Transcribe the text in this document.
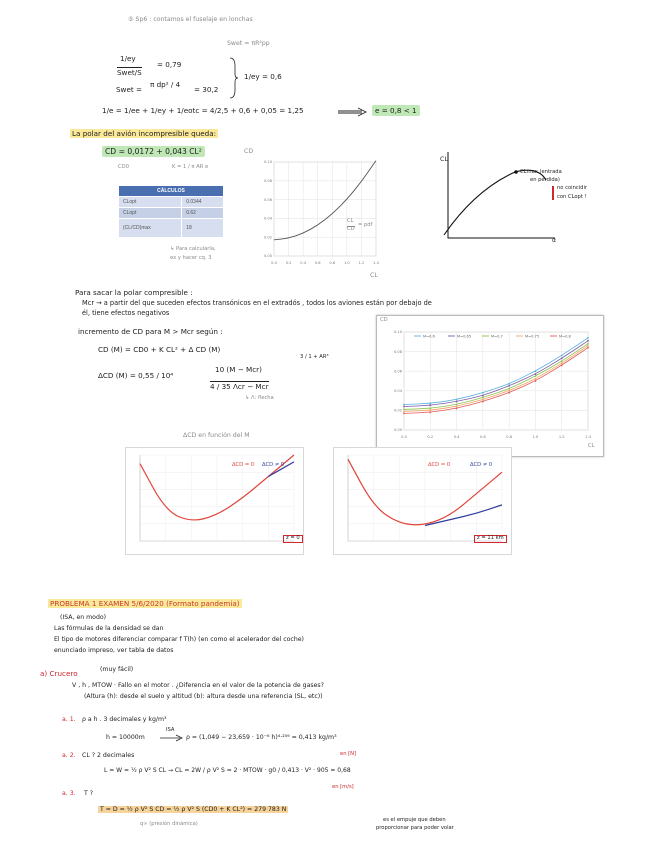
⑤ Sp6 : contamos el fuselaje en lonchas
Swet = πR²pp
1/ey
Swet/S
= 0,79
Swet =
π dp² / 4
= 30,2
1/ey = 0,6
1/e = 1/ee + 1/ey + 1/eotc = 4/2,5 + 0,6 + 0,05 = 1,25	e = 0,8 < 1
La polar del avión incompresible queda:
CD = 0,0172 + 0,043 CL²
CD0	K = 1 / π AR e
CÁLCULOS	
CLopt	0.0344
CLopt	0.62
(CL/CD)max	18
↳ Para calcularla,
ex y hacer cq. 3
CD
CL
0.0 0.2 0.4 0.6 0.8 1.0 1.2 1.4
0.00
0.02
0.04
0.06
0.08
0.10
CL
CD
= pdf
CL
α
CLmax (entrada
en pérdida)
no coincidir
con CLopt !
Para sacar la polar compresible :
Mcr → a partir del que suceden efectos transónicos en el extradós , todos los aviones están por debajo de
él, tiene efectos negativos
incremento de CD para M > Mcr según :
CD (M) = CD0 + K CL² + Δ CD (M)
ΔCD (M) = 0,55 / 10⁴
10 (M − Mcr)
4 / 35 Λcr − Mcr
3 / 1 + AR³
↳ Λ: flecha
CD
CL
0.0	0.2	0.4	0.6	0.8	1.0	1.2	1.4
0.00
0.02
0.04
0.06
0.08
0.10
M=0.6	M=0.65	M=0.7	M=0.75	M=0.8
ΔCD en función del M
ΔCD = 0 ΔCD ≠ 0
z = 0
ΔCD = 0	ΔCD ≠ 0
z = 11 km
PROBLEMA 1 EXAMEN 5/6/2020 (Formato pandemia)
(ISA, en modo)
Las fórmulas de la densidad se dan
El tipo de motores diferenciar comparar f T(h) (en como el acelerador del coche)
enunciado impreso, ver tabla de datos
a) Crucero	(muy fácil)
V , h , MTOW · Fallo en el motor . ¿Diferencia en el valor de la potencia de gases?
(Altura (h): desde el suelo y altitud (b): altura desde una referencia (SL, etc))
a. 1. ρ a h . 3 decimales y kg/m³
h = 10000m
ISA
ρ = (1,049 − 23,659 · 10⁻⁶ h)⁴·²⁵⁹ = 0,413 kg/m³
a. 2. CL ? 2 decimales	en [N]
L = W = ½ ρ V² S CL → CL = 2W / ρ V² S = 2 · MTOW · g0 / 0,413 · V² · 905 = 0,68
en [m/s]
a. 3. T ?
T = D = ½ ρ V² S CD = ½ ρ V² S (CD0 + K CL²) = 279 783 N
q∞ (presión dinámica)
es el empuje que deben
proporcionar para poder volar
